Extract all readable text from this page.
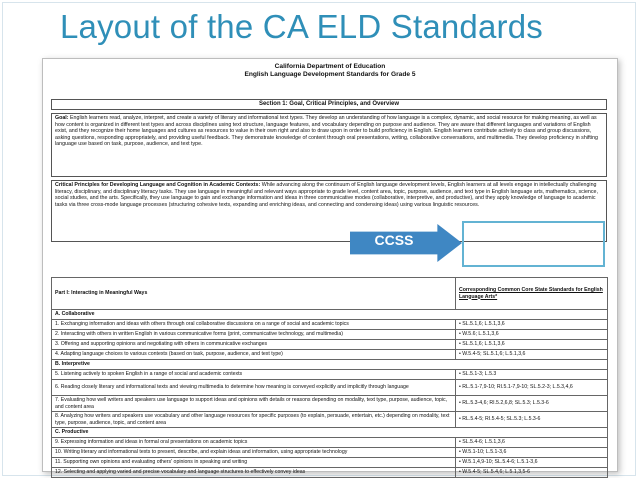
Layout of the CA ELD Standards
California Department of Education
English Language Development Standards for Grade 5
Section 1: Goal, Critical Principles, and Overview
Goal: English learners read, analyze, interpret, and create a variety of literary and informational text types. They develop an understanding of how language is a complex, dynamic, and social resource for making meaning, as well as how content is organized in different text types and across disciplines using text structure, language features, and vocabulary depending on purpose and audience. They are aware that different languages and variations of English exist, and they recognize their home languages and cultures as resources to value in their own right and also to draw upon in order to build proficiency in English. English learners contribute actively to class and group discussions, asking questions, responding appropriately, and providing useful feedback. They demonstrate knowledge of content through oral presentations, writing, collaborative conversations, and multimedia. They develop proficiency in shifting language use based on task, purpose, audience, and text type.
Critical Principles for Developing Language and Cognition in Academic Contexts: While advancing along the continuum of English language development levels, English learners at all levels engage in intellectually challenging literacy, disciplinary, and disciplinary literacy tasks. They use language in meaningful and relevant ways appropriate to grade level, content area, topic, purpose, audience, and text type in English language arts, mathematics, science, social studies, and the arts. Specifically, they use language to gain and exchange information and ideas in three communicative modes (collaborative, interpretive, and productive), and they apply knowledge of language to academic tasks via three cross-mode language processes (structuring cohesive texts, expanding and enriching ideas, and connecting and condensing ideas) using various linguistic resources.
Part I: Interacting in Meaningful Ways	Corresponding Common Core State Standards for English Language Arts*
A. Collaborative	
1. Exchanging information and ideas with others through oral collaborative discussions on a range of social and academic topics	• SL.5.1,6; L.5.1,3,6
2. Interacting with others in written English in various communicative forms (print, communicative technology, and multimedia)	• W.5.6; L.5.1,3,6
3. Offering and supporting opinions and negotiating with others in communicative exchanges	• SL.5.1,6; L.5.1,3,6
4. Adapting language choices to various contexts (based on task, purpose, audience, and text type)	• W.5.4-5; SL.5.1,6; L.5.1,3,6
B. Interpretive	
5. Listening actively to spoken English in a range of social and academic contexts	• SL.5.1-3; L.5.3
6. Reading closely literary and informational texts and viewing multimedia to determine how meaning is conveyed explicitly and implicitly through language	• RL.5.1-7,9-10; RI.5.1-7,9-10; SL.5.2-3; L.5.3,4,6
7. Evaluating how well writers and speakers use language to support ideas and opinions with details or reasons depending on modality, text type, purpose, audience, topic, and content area	• RL.5.3-4,6; RI.5.2,6,8; SL.5.3; L.5.3-6
8. Analyzing how writers and speakers use vocabulary and other language resources for specific purposes (to explain, persuade, entertain, etc.) depending on modality, text type, purpose, audience, topic, and content area	• RL.5.4-5; RI.5.4-5; SL.5.3; L.5.3-6
C. Productive	
9. Expressing information and ideas in formal oral presentations on academic topics	• SL.5.4-6; L.5.1,3,6
10. Writing literary and informational texts to present, describe, and explain ideas and information, using appropriate technology	• W.5.1-10; L.5.1-3,6
11. Supporting own opinions and evaluating others' opinions in speaking and writing	• W.5.1,4,9-10; SL.5.4-6; L.5.1-3,6
12. Selecting and applying varied and precise vocabulary and language structures to effectively convey ideas	• W.5.4-5; SL.5.4,6; L.5.1,3,5-6
CCSS
